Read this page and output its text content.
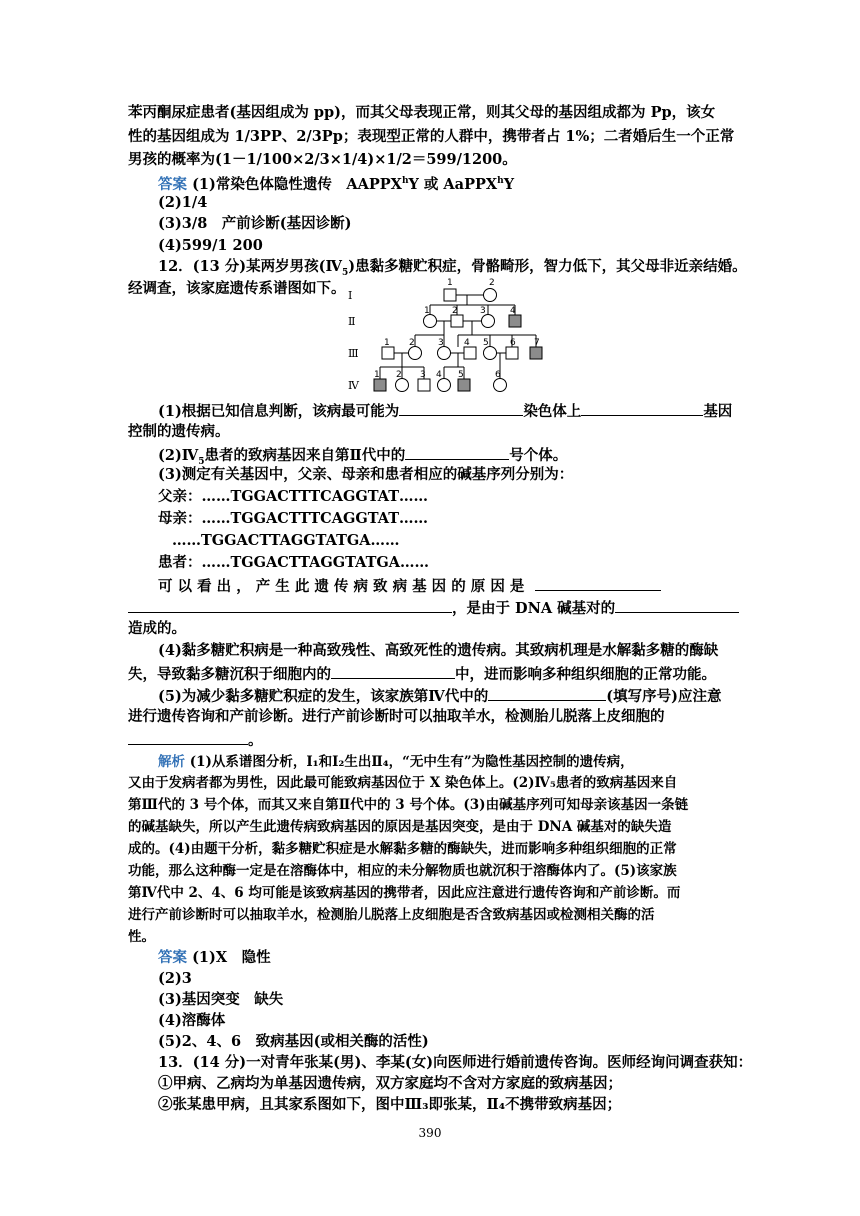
苯丙酮尿症患者(基因组成为 pp)，而其父母表现正常，则其父母的基因组成都为 Pp，该女
性的基因组成为 1/3PP、2/3Pp；表现型正常的人群中，携带者占 1%；二者婚后生一个正常
男孩的概率为(1－1/100×2/3×1/4)×1/2＝599/1200。
答案 (1)常染色体隐性遗传　AAPPX$^h$Y 或 AaPPX$^h$Y
(2)1/4
(3)3/8　产前诊断(基因诊断)
(4)599/1 200
12．(13 分)某两岁男孩$(Ⅳ_5)$患黏多糖贮积症，骨骼畸形，智力低下，其父母非近亲结婚。
经调查，该家庭遗传系谱图如下。 Ⅰ
Ⅱ
Ⅲ
Ⅳ
1	2
1 2 3	4
1 2	3 4 5 6 7
1 2 3 4 5	6
(1)根据已知信息判断，该病最可能为	染色体上	基因
控制的遗传病。
$(2)Ⅳ_5$患者的致病基因来自第Ⅱ代中的	号个体。
(3)测定有关基因中，父亲、母亲和患者相应的碱基序列分别为：
父亲：……TGGACTTTCAGGTAT……
母亲：……TGGACTTTCAGGTAT……
……TGGACTTAGGTATGA……
患者：……TGGACTTAGGTATGA……
可 以 看 出 ， 产 生 此 遗 传 病 致 病 基 因 的 原 因 是
，是由于 DNA 碱基对的
造成的。
(4)黏多糖贮积病是一种高致残性、高致死性的遗传病。其致病机理是水解黏多糖的酶缺
失，导致黏多糖沉积于细胞内的	中，进而影响多种组织细胞的正常功能。
(5)为减少黏多糖贮积症的发生，该家族第Ⅳ代中的	(填写序号)应注意
进行遗传咨询和产前诊断。进行产前诊断时可以抽取羊水，检测胎儿脱落上皮细胞的
。
解析 (1)从系谱图分析，Ⅰ₁和Ⅰ₂生出Ⅱ₄，“无中生有”为隐性基因控制的遗传病，
又由于发病者都为男性，因此最可能致病基因位于 X 染色体上。(2)Ⅳ₅患者的致病基因来自
第Ⅲ代的 3 号个体，而其又来自第Ⅱ代中的 3 号个体。(3)由碱基序列可知母亲该基因一条链
的碱基缺失，所以产生此遗传病致病基因的原因是基因突变，是由于 DNA 碱基对的缺失造
成的。(4)由题干分析，黏多糖贮积症是水解黏多糖的酶缺失，进而影响多种组织细胞的正常
功能，那么这种酶一定是在溶酶体中，相应的未分解物质也就沉积于溶酶体内了。(5)该家族
第Ⅳ代中 2、4、6 均可能是该致病基因的携带者，因此应注意进行遗传咨询和产前诊断。而
进行产前诊断时可以抽取羊水，检测胎儿脱落上皮细胞是否含致病基因或检测相关酶的活
性。
答案 (1)X　隐性
(2)3
(3)基因突变　缺失
(4)溶酶体
(5)2、4、6　致病基因(或相关酶的活性)
13．(14 分)一对青年张某(男)、李某(女)向医师进行婚前遗传咨询。医师经询问调查获知：
①甲病、乙病均为单基因遗传病，双方家庭均不含对方家庭的致病基因；
②张某患甲病，且其家系图如下，图中Ⅲ₃即张某，Ⅱ₄不携带致病基因；
390
